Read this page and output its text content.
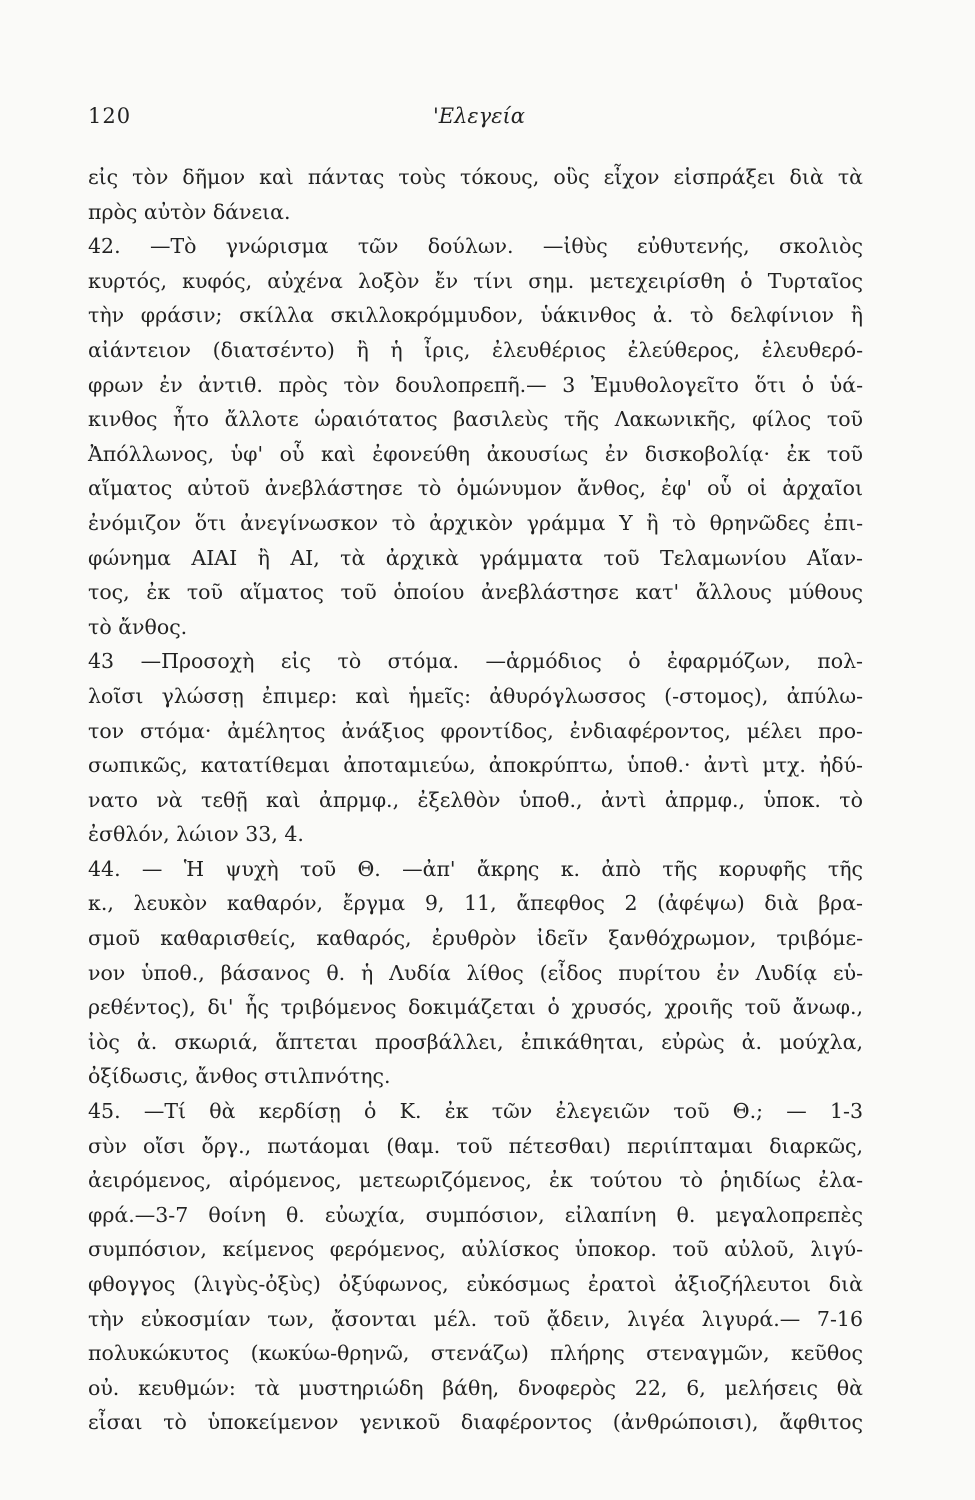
120	'Ελεγεία
εἰς τὸν δῆμον καὶ πάντας τοὺς τόκους, οὓς εἶχον εἰσπράξει διὰ τὰ
πρὸς αὐτὸν δάνεια.
42. —Τὸ γνώρισμα τῶν δούλων. —ἰθὺς εὐθυτενής, σκολιὸς
κυρτός, κυφός, αὐχένα λοξὸν ἔν τίνι σημ. μετεχειρίσθη ὁ Τυρταῖος
τὴν φράσιν; σκίλλα σκιλλοκρόμμυδον, ὑάκινθος ἀ. τὸ δελφίνιον ἢ
αἰάντειον (διατσέντο) ἢ ἡ ἶρις, ἐλευθέριος ἐλεύθερος, ἐλευθερό-
φρων ἐν ἀντιθ. πρὸς τὸν δουλοπρεπῆ.— 3 Ἐμυθολογεῖτο ὅτι ὁ ὑά-
κινθος ἦτο ἄλλοτε ὡραιότατος βασιλεὺς τῆς Λακωνικῆς, φίλος τοῦ
Ἀπόλλωνος, ὑφ' οὗ καὶ ἐφονεύθη ἀκουσίως ἐν δισκοβολίᾳ· ἐκ τοῦ
αἵματος αὐτοῦ ἀνεβλάστησε τὸ ὁμώνυμον ἄνθος, ἐφ' οὗ οἱ ἀρχαῖοι
ἐνόμιζον ὅτι ἀνεγίνωσκον τὸ ἀρχικὸν γράμμα Υ ἢ τὸ θρηνῶδες ἐπι-
φώνημα ΑΙΑΙ ἢ ΑΙ, τὰ ἀρχικὰ γράμματα τοῦ Τελαμωνίου Αἴαν-
τος, ἐκ τοῦ αἵματος τοῦ ὁποίου ἀνεβλάστησε κατ' ἄλλους μύθους
τὸ ἄνθος.
43 —Προσοχὴ εἰς τὸ στόμα. —ἁρμόδιος ὁ ἐφαρμόζων, πολ-
λοῖσι γλώσσῃ ἐπιμερ: καὶ ἡμεῖς: ἀθυρόγλωσσος (-στομος), ἀπύλω-
τον στόμα· ἀμέλητος ἀνάξιος φροντίδος, ἐνδιαφέροντος, μέλει προ-
σωπικῶς, κατατίθεμαι ἀποταμιεύω, ἀποκρύπτω, ὑποθ.· ἀντὶ μτχ. ἠδύ-
νατο νὰ τεθῇ καὶ ἀπρμφ., ἐξελθὸν ὑποθ., ἀντὶ ἀπρμφ., ὑποκ. τὸ
ἐσθλόν, λώιον 33, 4.
44. — Ἡ ψυχὴ τοῦ Θ. —ἀπ' ἄκρης κ. ἀπὸ τῆς κορυφῆς τῆς
κ., λευκὸν καθαρόν, ἔργμα 9, 11, ἄπεφθος 2 (ἀφέψω) διὰ βρα-
σμοῦ καθαρισθείς, καθαρός, ἐρυθρὸν ἰδεῖν ξανθόχρωμον, τριβόμε-
νον ὑποθ., βάσανος θ. ἡ Λυδία λίθος (εἶδος πυρίτου ἐν Λυδίᾳ εὑ-
ρεθέντος), δι' ἧς τριβόμενος δοκιμάζεται ὁ χρυσός, χροιῆς τοῦ ἄνωφ.,
ἰὸς ἀ. σκωριά, ἅπτεται προσβάλλει, ἐπικάθηται, εὐρὼς ἀ. μούχλα,
ὀξίδωσις, ἄνθος στιλπνότης.
45. —Τί θὰ κερδίσῃ ὁ Κ. ἐκ τῶν ἐλεγειῶν τοῦ Θ.; — 1-3
σὺν οἴσι ὄργ., πωτάομαι (θαμ. τοῦ πέτεσθαι) περιίπταμαι διαρκῶς,
ἀειρόμενος, αἰρόμενος, μετεωριζόμενος, ἐκ τούτου τὸ ῥηιδίως ἐλα-
φρά.—3-7 θοίνη θ. εὐωχία, συμπόσιον, εἰλαπίνη θ. μεγαλοπρεπὲς
συμπόσιον, κείμενος φερόμενος, αὐλίσκος ὑποκορ. τοῦ αὐλοῦ, λιγύ-
φθογγος (λιγὺς-ὀξὺς) ὀξύφωνος, εὐκόσμως ἐρατοὶ ἀξιοζήλευτοι διὰ
τὴν εὐκοσμίαν των, ᾄσονται μέλ. τοῦ ᾄδειν, λιγέα λιγυρά.— 7-16
πολυκώκυτος (κωκύω-θρηνῶ, στενάζω) πλήρης στεναγμῶν, κεῦθος
οὐ. κευθμών: τὰ μυστηριώδη βάθη, δνοφερὸς 22, 6, μελήσεις θὰ
εἶσαι τὸ ὑποκείμενον γενικοῦ διαφέροντος (ἀνθρώποισι), ἄφθιτος
